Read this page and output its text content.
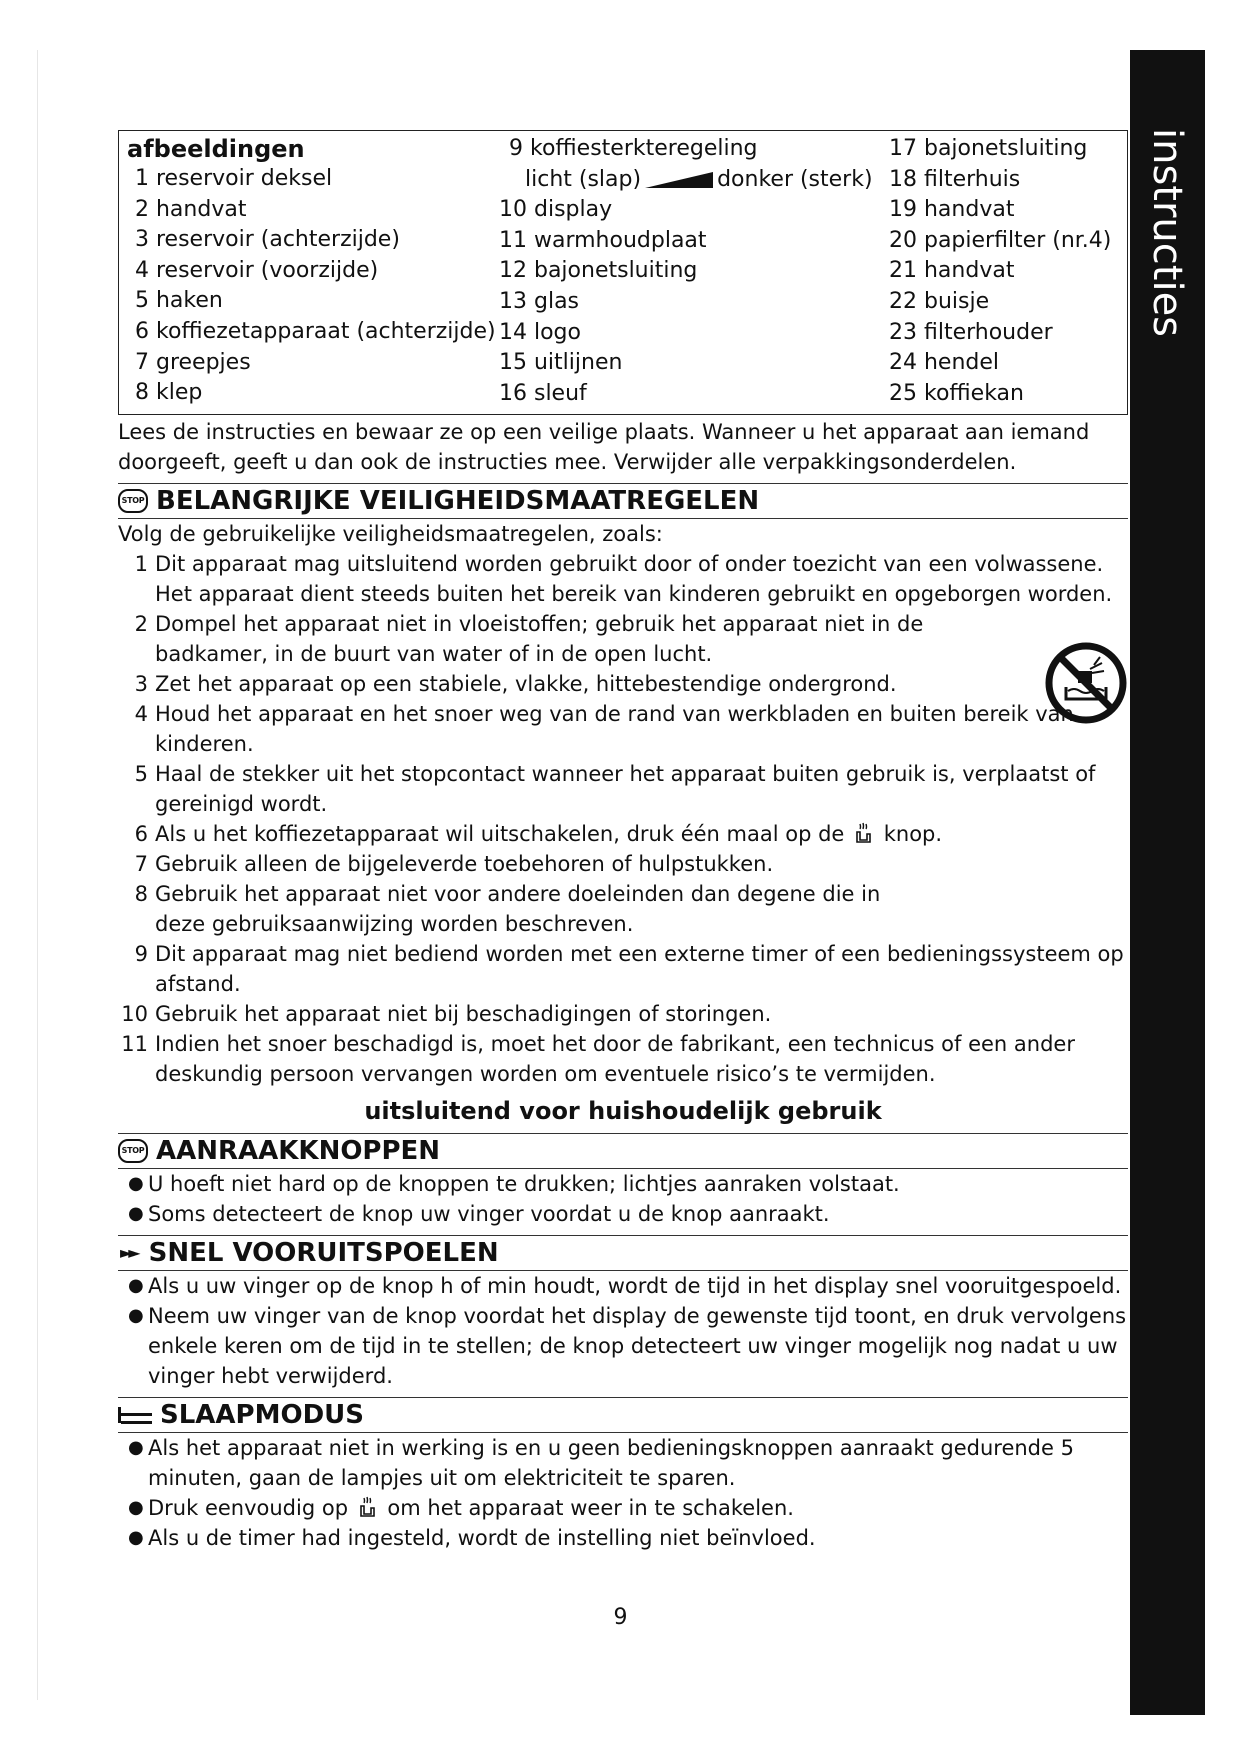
instructies
afbeeldingen
1 reservoir deksel
2 handvat
3 reservoir (achterzijde)
4 reservoir (voorzijde)
5 haken
6 koffiezetapparaat (achterzijde)
7 greepjes
8 klep
9 koffiesterkteregeling
licht (slap)	donker (sterk)
10 display
11 warmhoudplaat
12 bajonetsluiting
13 glas
14 logo
15 uitlijnen
16 sleuf
17 bajonetsluiting
18 filterhuis
19 handvat
20 papierfilter (nr.4)
21 handvat
22 buisje
23 filterhouder
24 hendel
25 koffiekan
Lees de instructies en bewaar ze op een veilige plaats. Wanneer u het apparaat aan iemand doorgeeft, geeft u dan ook de instructies mee. Verwijder alle verpakkingsonderdelen.
STOP BELANGRIJKE VEILIGHEIDSMAATREGELEN
Volg de gebruikelijke veiligheidsmaatregelen, zoals:
1 Dit apparaat mag uitsluitend worden gebruikt door of onder toezicht van een volwassene. Het apparaat dient steeds buiten het bereik van kinderen gebruikt en opgeborgen worden.
2 Dompel het apparaat niet in vloeistoffen; gebruik het apparaat niet in de badkamer, in de buurt van water of in de open lucht.
3 Zet het apparaat op een stabiele, vlakke, hittebestendige ondergrond.
4 Houd het apparaat en het snoer weg van de rand van werkbladen en buiten bereik van kinderen.
5 Haal de stekker uit het stopcontact wanneer het apparaat buiten gebruik is, verplaatst of gereinigd wordt.
6 Als u het koffiezetapparaat wil uitschakelen, druk één maal op de knop.
7 Gebruik alleen de bijgeleverde toebehoren of hulpstukken.
8 Gebruik het apparaat niet voor andere doeleinden dan degene die in deze gebruiksaanwijzing worden beschreven.
9 Dit apparaat mag niet bediend worden met een externe timer of een bedieningssysteem op afstand.
10 Gebruik het apparaat niet bij beschadigingen of storingen.
11 Indien het snoer beschadigd is, moet het door de fabrikant, een technicus of een ander deskundig persoon vervangen worden om eventuele risico’s te vermijden.
uitsluitend voor huishoudelijk gebruik
STOP AANRAAKKNOPPEN
● U hoeft niet hard op de knoppen te drukken; lichtjes aanraken volstaat.
● Soms detecteert de knop uw vinger voordat u de knop aanraakt.
►► SNEL VOORUITSPOELEN
● Als u uw vinger op de knop h of min houdt, wordt de tijd in het display snel vooruitgespoeld.
● Neem uw vinger van de knop voordat het display de gewenste tijd toont, en druk vervolgens enkele keren om de tijd in te stellen; de knop detecteert uw vinger mogelijk nog nadat u uw vinger hebt verwijderd.
SLAAPMODUS
● Als het apparaat niet in werking is en u geen bedieningsknoppen aanraakt gedurende 5 minuten, gaan de lampjes uit om elektriciteit te sparen.
● Druk eenvoudig op om het apparaat weer in te schakelen.
● Als u de timer had ingesteld, wordt de instelling niet beïnvloed.
9
